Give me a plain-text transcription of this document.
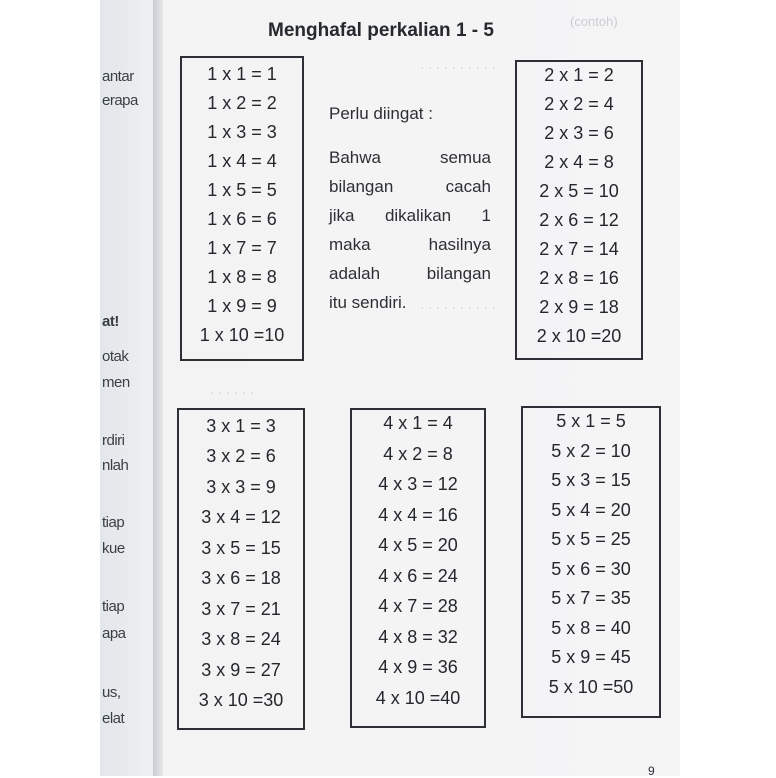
(contoh)
· · · · · · · · · ·
· · · · · · · · · ·
· · · · · ·
antar
erapa
at!
otak
men
rdiri
nlah
tiap
kue
tiap
apa
us,
elat
Menghafal perkalian 1 - 5
1 x 1 = 1
1 x 2 = 2
1 x 3 = 3
1 x 4 = 4
1 x 5 = 5
1 x 6 = 6
1 x 7 = 7
1 x 8 = 8
1 x 9 = 9
1 x 10 =10
Perlu diingat :
Bahwa semua
bilangan cacah
jika dikalikan 1
maka hasilnya
adalah bilangan
itu sendiri.
2 x 1 = 2
2 x 2 = 4
2 x 3 = 6
2 x 4 = 8
2 x 5 = 10
2 x 6 = 12
2 x 7 = 14
2 x 8 = 16
2 x 9 = 18
2 x 10 =20
3 x 1 = 3
3 x 2 = 6
3 x 3 = 9
3 x 4 = 12
3 x 5 = 15
3 x 6 = 18
3 x 7 = 21
3 x 8 = 24
3 x 9 = 27
3 x 10 =30
4 x 1 = 4
4 x 2 = 8
4 x 3 = 12
4 x 4 = 16
4 x 5 = 20
4 x 6 = 24
4 x 7 = 28
4 x 8 = 32
4 x 9 = 36
4 x 10 =40
5 x 1 = 5
5 x 2 = 10
5 x 3 = 15
5 x 4 = 20
5 x 5 = 25
5 x 6 = 30
5 x 7 = 35
5 x 8 = 40
5 x 9 = 45
5 x 10 =50
9
